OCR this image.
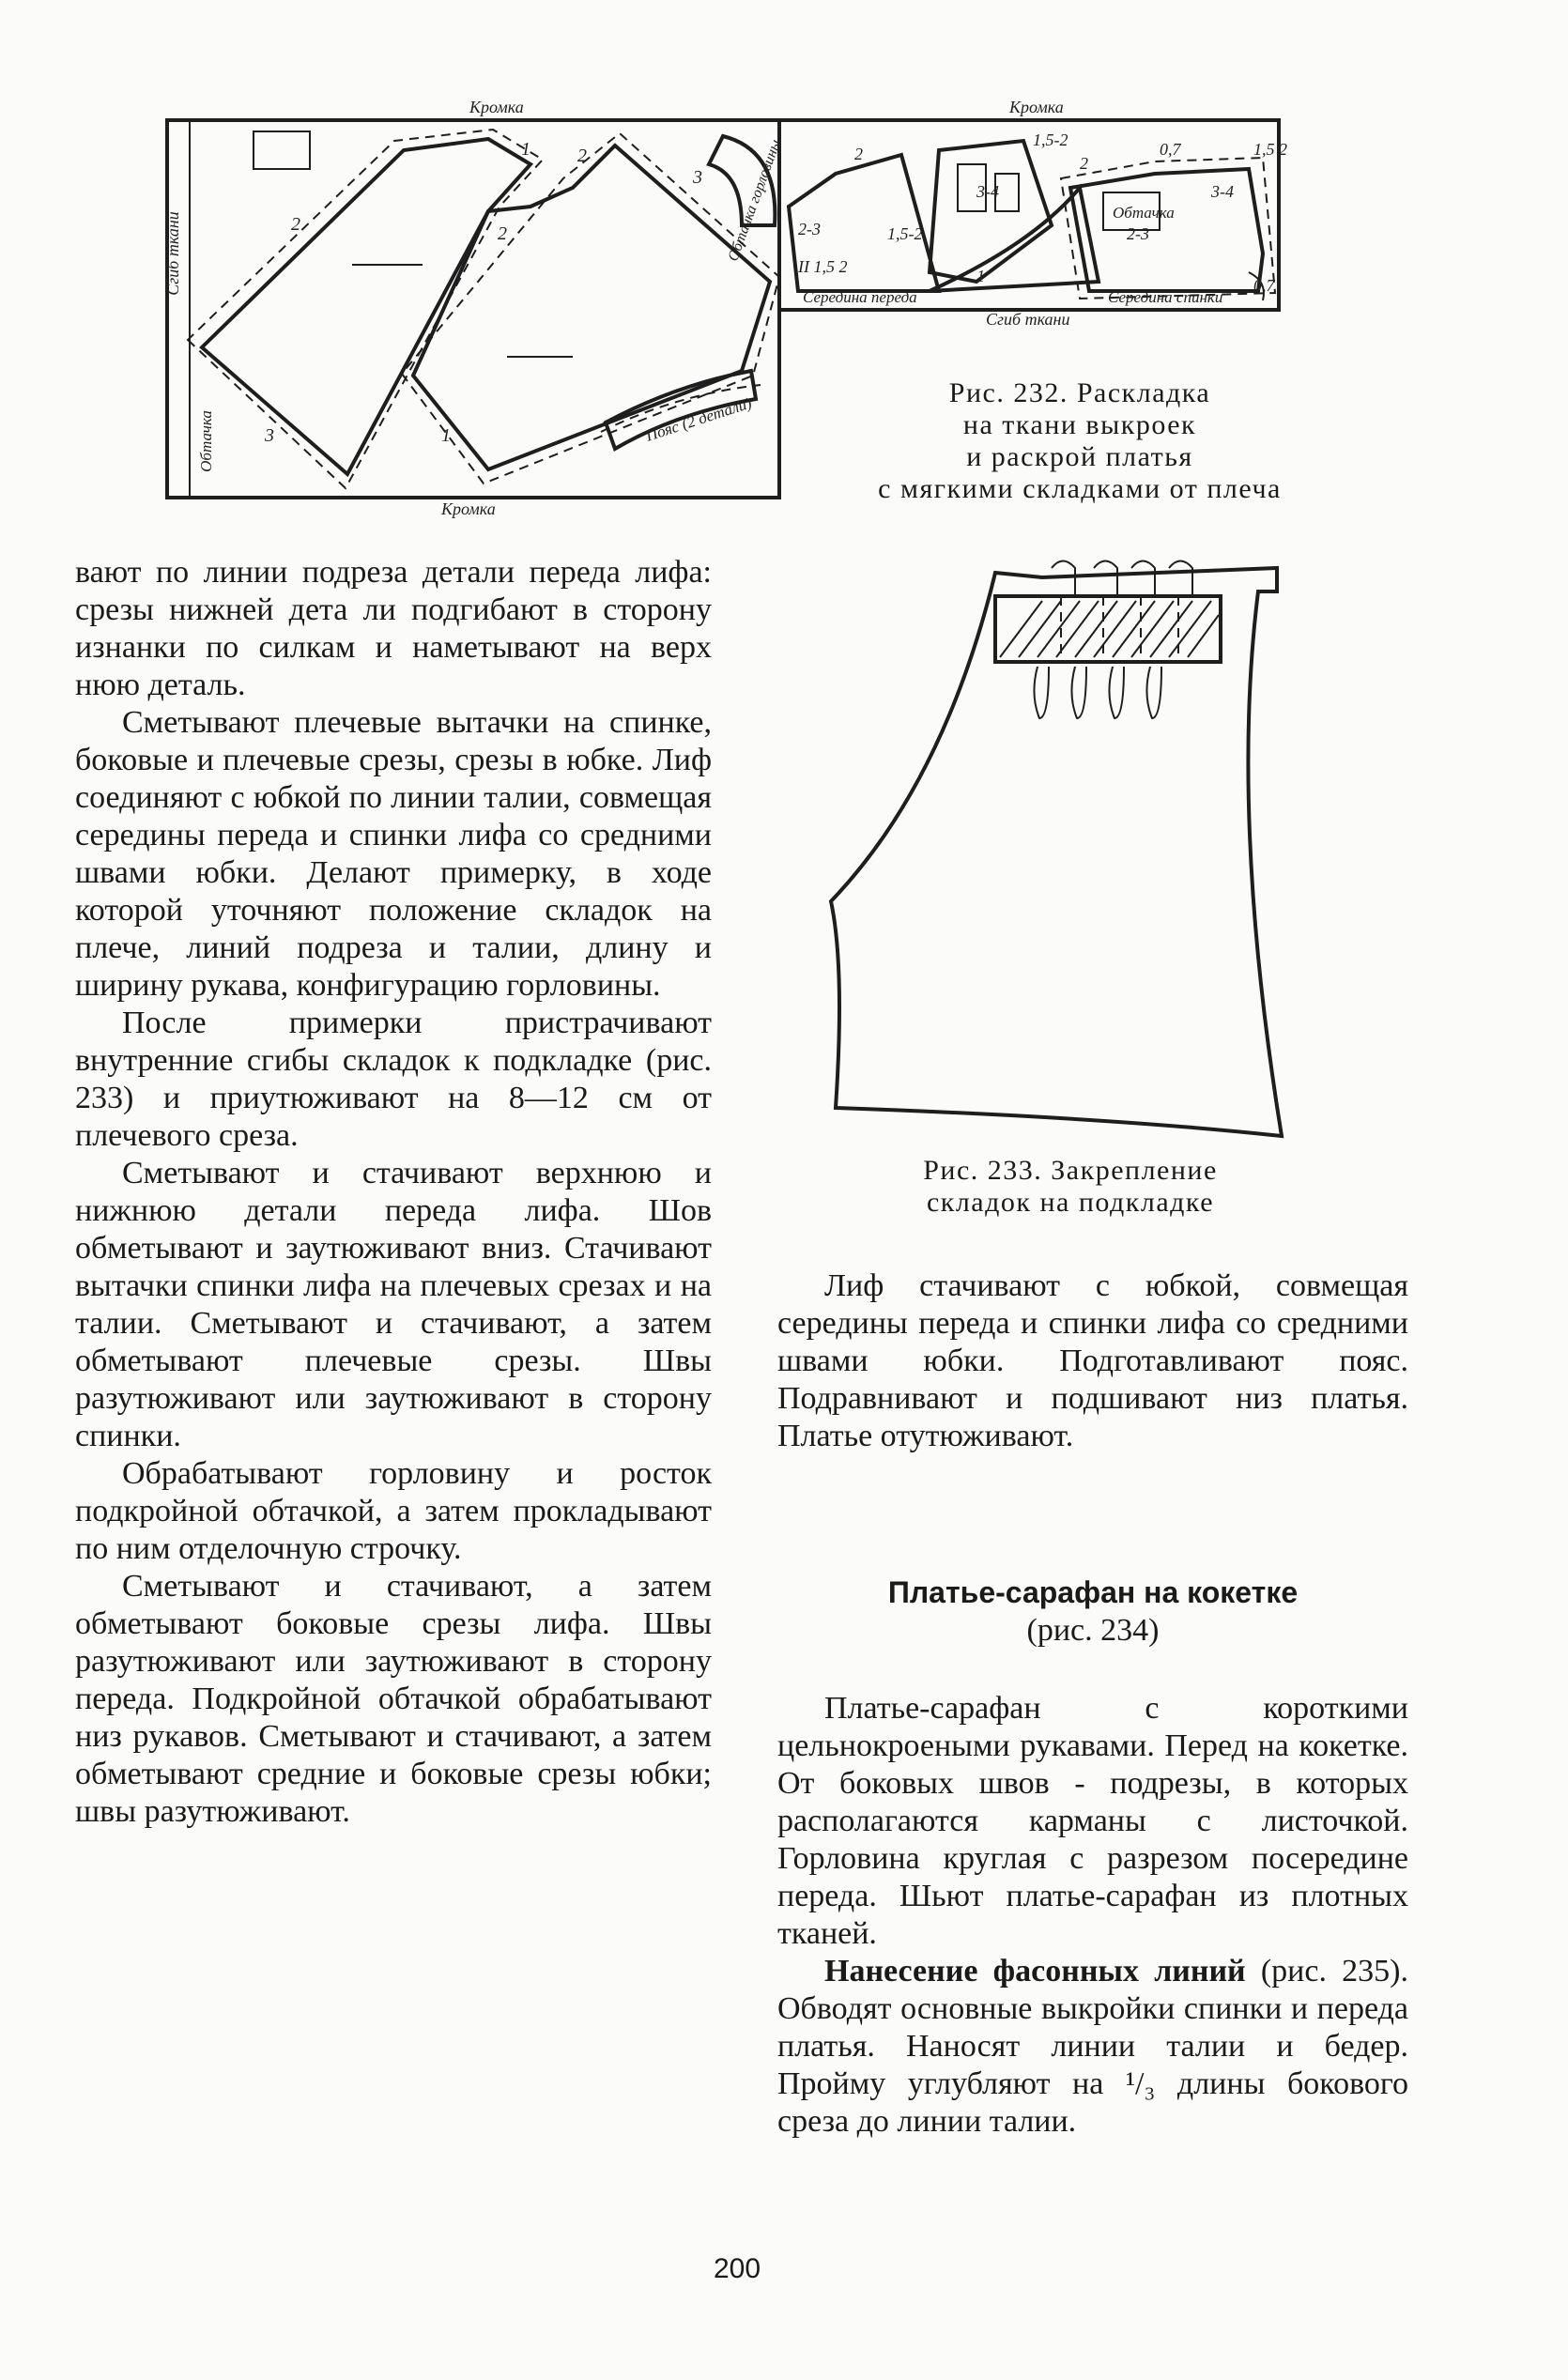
2
1	2
2
3
3
1
2
1,5-2	0,7	1,5 2
2
3-4
2-3
2-3	1,5-2
II 1,5 2
3-4
1	0,7
Кромка	Кромка
Кромка
Сгиб ткани
Сгиб ткани
Обтачка
Обтачка горловины
Пояс (2 детали)
Середина переда	Середина спинки
Обтачка
Рис. 232. Раскладка
на ткани выкроек
и раскрой платья
с мягкими складками от плеча
Рис. 233. Закрепление
складок на подкладке

вают по линии подреза детали переда лифа: срезы нижней дета ли подгибают в сторону изнанки по силкам и наметывают на верх нюю деталь.

Сметывают плечевые вытачки на спинке, боковые и плечевые срезы, срезы в юбке. Лиф соединяют с юбкой по линии талии, совмещая середины переда и спинки лифа со средними швами юбки. Делают примерку, в ходе которой уточняют положение складок на плече, линий подреза и талии, длину и ширину рукава, конфигурацию горловины.

После примерки пристрачивают внутренние сгибы складок к подкладке (рис. 233) и приутюживают на 8—12 см от плечевого среза.

Сметывают и стачивают верхнюю и нижнюю детали переда лифа. Шов обметывают и заутюживают вниз. Стачивают вытачки спинки лифа на плечевых срезах и на талии. Сметывают и стачивают, а затем обметывают плечевые срезы. Швы разутюживают или заутюживают в сторону спинки.

Обрабатывают горловину и росток подкройной обтачкой, а затем прокладывают по ним отделочную строчку.

Сметывают и стачивают, а затем обметывают боковые срезы лифа. Швы разутюживают или заутюживают в сторону переда. Подкройной обтачкой обрабатывают низ рукавов. Сметывают и стачивают, а затем обметывают средние и боковые срезы юбки; швы разутюживают.

Лиф стачивают с юбкой, совмещая середины переда и спинки лифа со средними швами юбки. Подготавливают пояс. Подравнивают и подшивают низ платья. Платье отутюживают.

Платье-сарафан на кокетке
(рис. 234)

Платье-сарафан с короткими цельнокроеными рукавами. Перед на кокетке. От боковых швов - подрезы, в которых располагаются карманы с листочкой. Горловина круглая с разрезом посередине переда. Шьют платье-сарафан из плотных тканей.

Нанесение фасонных линий (рис. 235). Обводят основные выкройки спинки и переда платья. Наносят линии талии и бедер. Пройму углубляют на ¹/₃ длины бокового среза до линии талии.

200
